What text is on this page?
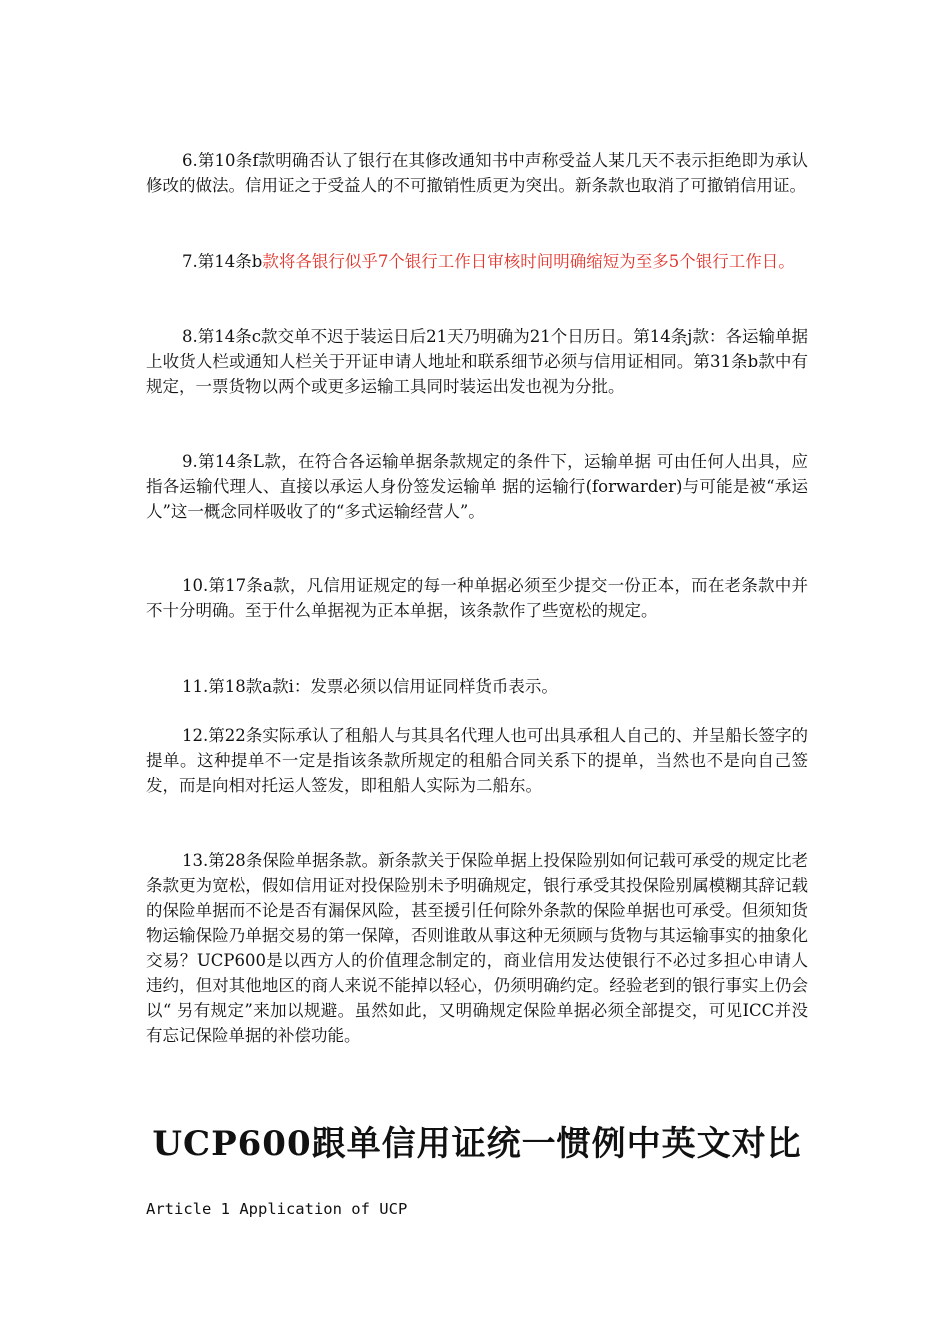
6.第10条f款明确否认了银行在其修改通知书中声称受益人某几天不表示拒绝即为承认修改的做法。信用证之于受益人的不可撤销性质更为突出。新条款也取消了可撤销信用证。

7.第14条b款将各银行似乎7个银行工作日审核时间明确缩短为至多5个银行工作日。

8.第14条c款交单不迟于装运日后21天乃明确为21个日历日。第14条j款：各运输单据上收货人栏或通知人栏关于开证申请人地址和联系细节必须与信用证相同。第31条b款中有规定，一票货物以两个或更多运输工具同时装运出发也视为分批。

9.第14条L款，在符合各运输单据条款规定的条件下，运输单据 可由任何人出具，应指各运输代理人、直接以承运人身份签发运输单 据的运输行(forwarder)与可能是被“承运人”这一概念同样吸收了的“多式运输经营人”。

10.第17条a款，凡信用证规定的每一种单据必须至少提交一份正本，而在老条款中并不十分明确。至于什么单据视为正本单据，该条款作了些宽松的规定。

11.第18款a款ⅰ：发票必须以信用证同样货币表示。

12.第22条实际承认了租船人与其具名代理人也可出具承租人自己的、并呈船长签字的提单。这种提单不一定是指该条款所规定的租船合同关系下的提单，当然也不是向自己签发，而是向相对托运人签发，即租船人实际为二船东。

13.第28条保险单据条款。新条款关于保险单据上投保险别如何记载可承受的规定比老条款更为宽松，假如信用证对投保险别未予明确规定，银行承受其投保险别属模糊其辞记载的保险单据而不论是否有漏保风险，甚至援引任何除外条款的保险单据也可承受。但须知货物运输保险乃单据交易的第一保障，否则谁敢从事这种无须顾与货物与其运输事实的抽象化交易？UCP600是以西方人的价值理念制定的，商业信用发达使银行不必过多担心申请人违约，但对其他地区的商人来说不能掉以轻心，仍须明确约定。经验老到的银行事实上仍会以“ 另有规定”来加以规避。虽然如此，又明确规定保险单据必须全部提交，可见ICC并没有忘记保险单据的补偿功能。

UCP600跟单信用证统一惯例中英文对比

Article 1 Application of UCP
